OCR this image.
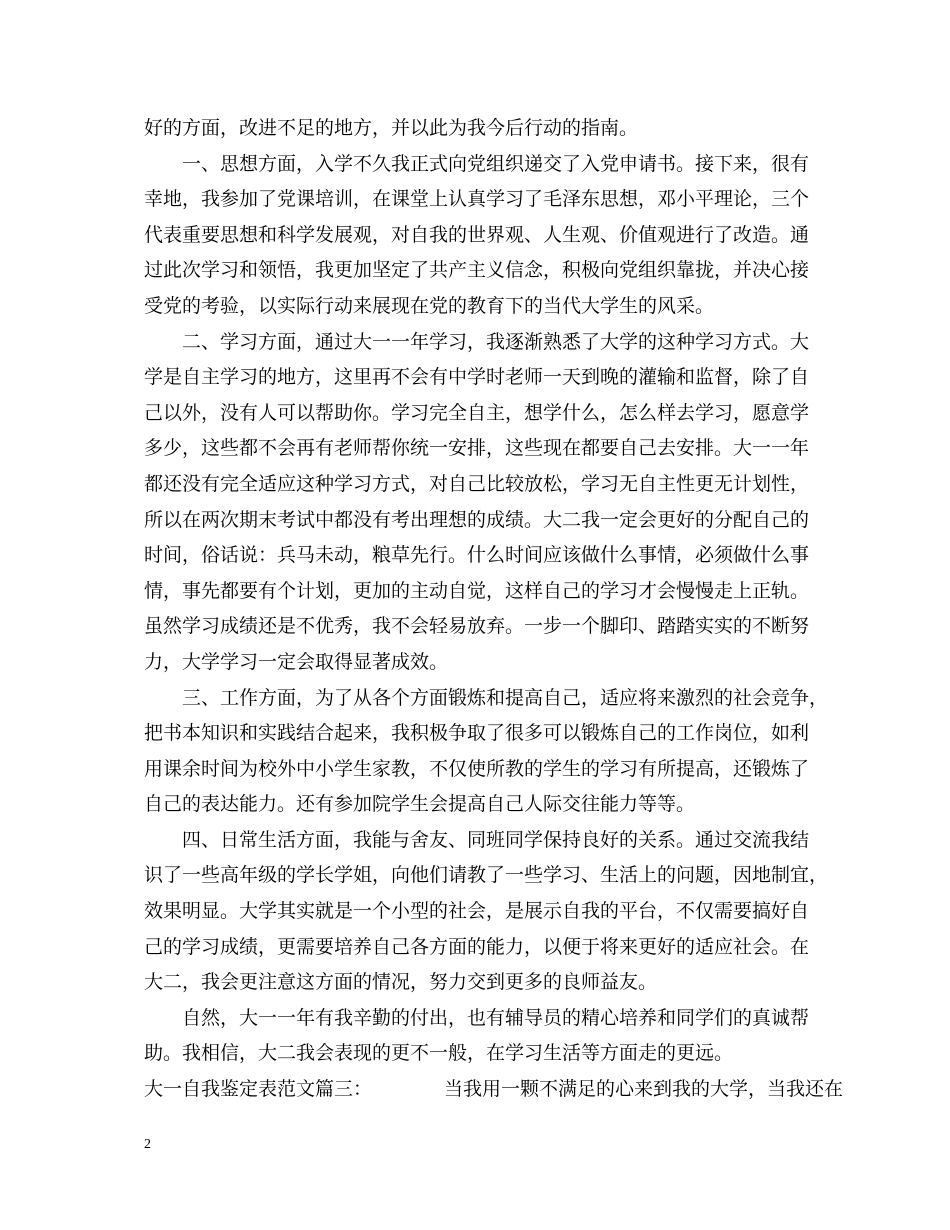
好的方面，改进不足的地方，并以此为我今后行动的指南。
　　一、思想方面，入学不久我正式向党组织递交了入党申请书。接下来，很有
幸地，我参加了党课培训，在课堂上认真学习了毛泽东思想，邓小平理论，三个
代表重要思想和科学发展观，对自我的世界观、人生观、价值观进行了改造。通
过此次学习和领悟，我更加坚定了共产主义信念，积极向党组织靠拢，并决心接
受党的考验，以实际行动来展现在党的教育下的当代大学生的风采。
　　二、学习方面，通过大一一年学习，我逐渐熟悉了大学的这种学习方式。大
学是自主学习的地方，这里再不会有中学时老师一天到晚的灌输和监督，除了自
己以外，没有人可以帮助你。学习完全自主，想学什么，怎么样去学习，愿意学
多少，这些都不会再有老师帮你统一安排，这些现在都要自己去安排。大一一年
都还没有完全适应这种学习方式，对自己比较放松，学习无自主性更无计划性，
所以在两次期末考试中都没有考出理想的成绩。大二我一定会更好的分配自己的
时间，俗话说：兵马未动，粮草先行。什么时间应该做什么事情，必须做什么事
情，事先都要有个计划，更加的主动自觉，这样自己的学习才会慢慢走上正轨。
虽然学习成绩还是不优秀，我不会轻易放弃。一步一个脚印、踏踏实实的不断努
力，大学学习一定会取得显著成效。
　　三、工作方面，为了从各个方面锻炼和提高自己，适应将来激烈的社会竞争，
把书本知识和实践结合起来，我积极争取了很多可以锻炼自己的工作岗位，如利
用课余时间为校外中小学生家教，不仅使所教的学生的学习有所提高，还锻炼了
自己的表达能力。还有参加院学生会提高自己人际交往能力等等。
　　四、日常生活方面，我能与舍友、同班同学保持良好的关系。通过交流我结
识了一些高年级的学长学姐，向他们请教了一些学习、生活上的问题，因地制宜，
效果明显。大学其实就是一个小型的社会，是展示自我的平台，不仅需要搞好自
己的学习成绩，更需要培养自己各方面的能力，以便于将来更好的适应社会。在
大二，我会更注意这方面的情况，努力交到更多的良师益友。
　　自然，大一一年有我辛勤的付出，也有辅导员的精心培养和同学们的真诚帮
助。我相信，大二我会表现的更不一般，在学习生活等方面走的更远。
大一自我鉴定表范文篇三：	当我用一颗不满足的心来到我的大学，当我还在
2
